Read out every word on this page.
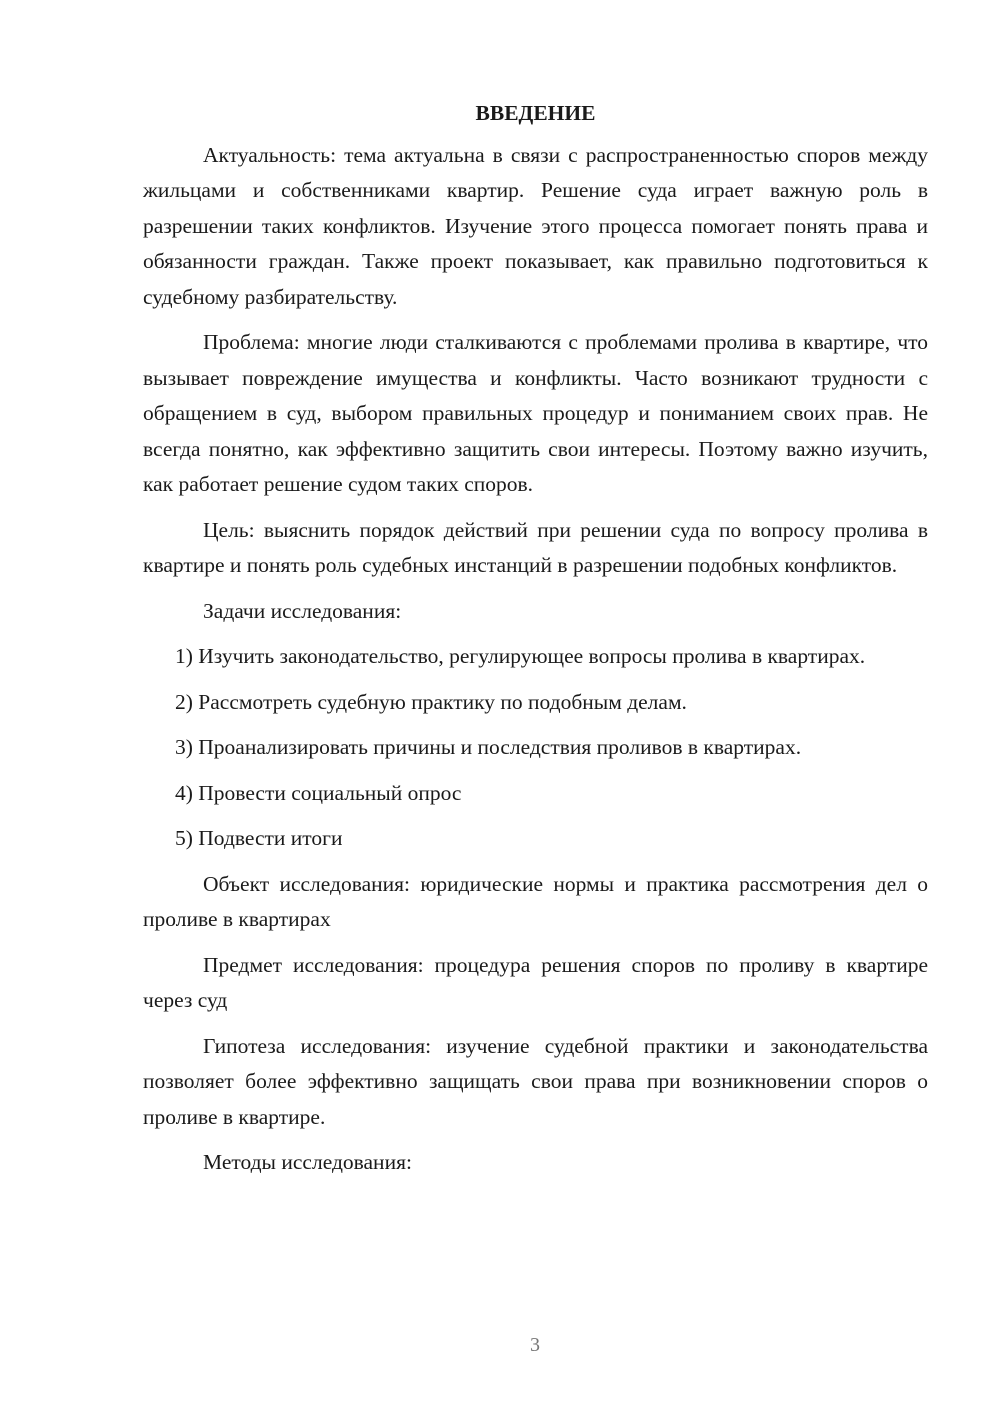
ВВЕДЕНИЕ

Актуальность: тема актуальна в связи с распространенностью споров между жильцами и собственниками квартир. Решение суда играет важную роль в разрешении таких конфликтов. Изучение этого процесса помогает понять права и обязанности граждан. Также проект показывает, как правильно подготовиться к судебному разбирательству.

Проблема: многие люди сталкиваются с проблемами пролива в квартире, что вызывает повреждение имущества и конфликты. Часто возникают трудности с обращением в суд, выбором правильных процедур и пониманием своих прав. Не всегда понятно, как эффективно защитить свои интересы. Поэтому важно изучить, как работает решение судом таких споров.

Цель: выяснить порядок действий при решении суда по вопросу пролива в квартире и понять роль судебных инстанций в разрешении подобных конфликтов.

Задачи исследования:

1) Изучить законодательство, регулирующее вопросы пролива в квартирах.

2) Рассмотреть судебную практику по подобным делам.

3) Проанализировать причины и последствия проливов в квартирах.

4) Провести социальный опрос

5) Подвести итоги

Объект исследования: юридические нормы и практика рассмотрения дел о проливе в квартирах

Предмет исследования: процедура решения споров по проливу в квартире через суд

Гипотеза исследования: изучение судебной практики и законодательства позволяет более эффективно защищать свои права при возникновении споров о проливе в квартире.

Методы исследования:

3
